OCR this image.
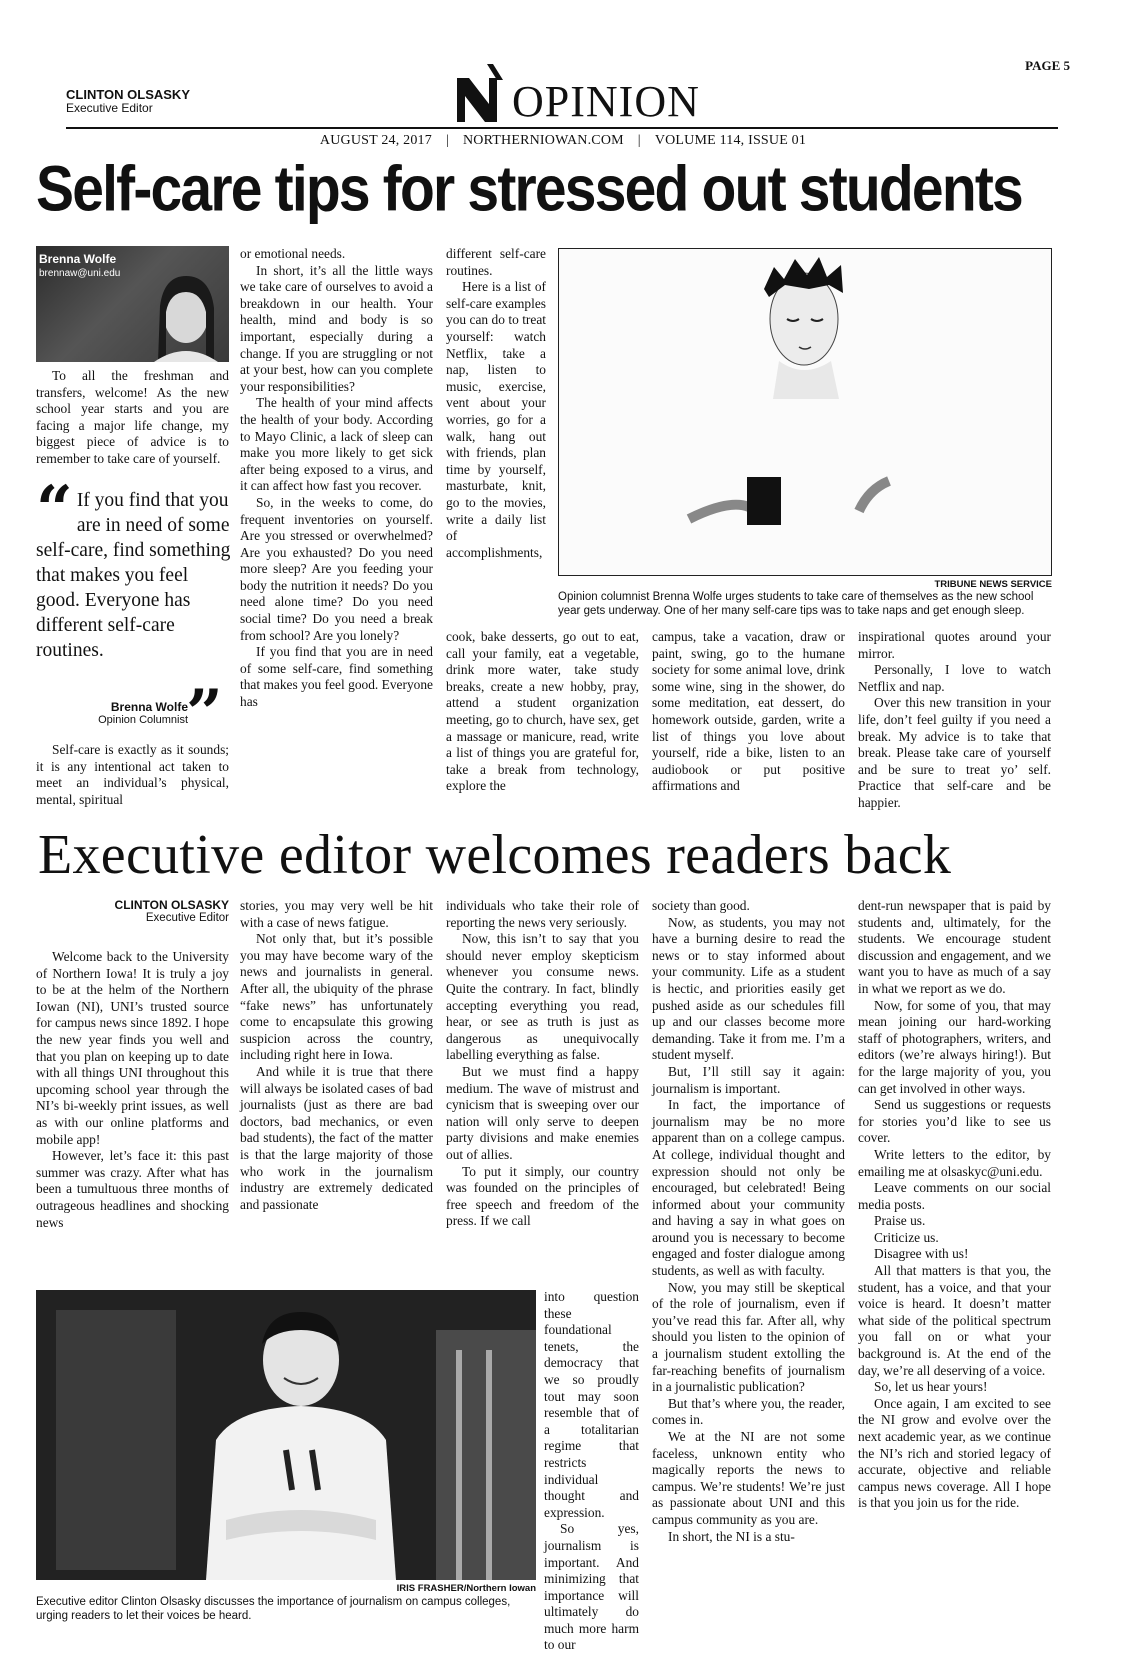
PAGE 5
CLINTON OLSASKY
Executive Editor	OPINION
AUGUST 24, 2017 | NORTHERNIOWAN.COM | VOLUME 114, ISSUE 01
Self-care tips for stressed out students
Brenna Wolfe
brennaw@uni.edu

To all the freshman and transfers, welcome! As the new school year starts and you are facing a major life change, my biggest piece of advice is to remember to take care of yourself.

“ If you find that you are in need of some self-care, find something that makes you feel good. Everyone has different self-care routines.
Brenna Wolfe
Opinion Columnist
”

Self-care is exactly as it sounds; it is any intentional act taken to meet an individual’s physical, mental, spiritual

or emotional needs.

In short, it’s all the little ways we take care of ourselves to avoid a breakdown in our health. Your health, mind and body is so important, especially during a change. If you are struggling or not at your best, how can you complete your responsibilities?

The health of your mind affects the health of your body. According to Mayo Clinic, a lack of sleep can make you more likely to get sick after being exposed to a virus, and it can affect how fast you recover.

So, in the weeks to come, do frequent inventories on yourself. Are you stressed or overwhelmed? Are you exhausted? Do you need more sleep? Are you feeding your body the nutrition it needs? Do you need alone time? Do you need social time? Do you need a break from school? Are you lonely?

If you find that you are in need of some self-care, find something that makes you feel good. Everyone has

different self-care routines.

Here is a list of self-care examples you can do to treat yourself: watch Netflix, take a nap, listen to music, exercise, vent about your worries, go for a walk, hang out with friends, plan time by yourself, masturbate, knit, go to the movies, write a daily list of accomplishments,

TRIBUNE NEWS SERVICE
Opinion columnist Brenna Wolfe urges students to take care of themselves as the new school year gets underway. One of her many self-care tips was to take naps and get enough sleep.

cook, bake desserts, go out to eat, call your family, eat a vegetable, drink more water, take study breaks, create a new hobby, pray, attend a student organization meeting, go to church, have sex, get a massage or manicure, read, write a list of things you are grateful for, take a break from technology, explore the

campus, take a vacation, draw or paint, swing, go to the humane society for some animal love, drink some wine, sing in the shower, do some meditation, eat dessert, do homework outside, garden, write a list of things you love about yourself, ride a bike, listen to an audiobook or put positive affirmations and

inspirational quotes around your mirror.

Personally, I love to watch Netflix and nap.

Over this new transition in your life, don’t feel guilty if you need a break. My advice is to take that break. Please take care of yourself and be sure to treat yo’ self. Practice that self-care and be happier.

Executive editor welcomes readers back
CLINTON OLSASKY
Executive Editor

Welcome back to the University of Northern Iowa! It is truly a joy to be at the helm of the Northern Iowan (NI), UNI’s trusted source for campus news since 1892. I hope the new year finds you well and that you plan on keeping up to date with all things UNI throughout this upcoming school year through the NI’s bi-weekly print issues, as well as with our online platforms and mobile app!

However, let’s face it: this past summer was crazy. After what has been a tumultuous three months of outrageous headlines and shocking news

stories, you may very well be hit with a case of news fatigue.

Not only that, but it’s possible you may have become wary of the news and journalists in general. After all, the ubiquity of the phrase “fake news” has unfortunately come to encapsulate this growing suspicion across the country, including right here in Iowa.

And while it is true that there will always be isolated cases of bad journalists (just as there are bad doctors, bad mechanics, or even bad students), the fact of the matter is that the large majority of those who work in the journalism industry are extremely dedicated and passionate

individuals who take their role of reporting the news very seriously.

Now, this isn’t to say that you should never employ skepticism whenever you consume news. Quite the contrary. In fact, blindly accepting everything you read, hear, or see as truth is just as dangerous as unequivocally labelling everything as false.

But we must find a happy medium. The wave of mistrust and cynicism that is sweeping over our nation will only serve to deepen party divisions and make enemies out of allies.

To put it simply, our country was founded on the principles of free speech and freedom of the press. If we call

IRIS FRASHER/Northern Iowan
Executive editor Clinton Olsasky discusses the importance of journalism on campus colleges, urging readers to let their voices be heard.

into question these foundational tenets, the democracy that we so proudly tout may soon resemble that of a totalitarian regime that restricts individual thought and expression.

So yes, journalism is important. And minimizing that importance will ultimately do much more harm to our

society than good.

Now, as students, you may not have a burning desire to read the news or to stay informed about your community. Life as a student is hectic, and priorities easily get pushed aside as our schedules fill up and our classes become more demanding. Take it from me. I’m a student myself.

But, I’ll still say it again: journalism is important.

In fact, the importance of journalism may be no more apparent than on a college campus. At college, individual thought and expression should not only be encouraged, but celebrated! Being informed about your community and having a say in what goes on around you is necessary to become engaged and foster dialogue among students, as well as with faculty.

Now, you may still be skeptical of the role of journalism, even if you’ve read this far. After all, why should you listen to the opinion of a journalism student extolling the far-reaching benefits of journalism in a journalistic publication?

But that’s where you, the reader, comes in.

We at the NI are not some faceless, unknown entity who magically reports the news to campus. We’re students! We’re just as passionate about UNI and this campus community as you are.

In short, the NI is a stu-

dent-run newspaper that is paid by students and, ultimately, for the students. We encourage student discussion and engagement, and we want you to have as much of a say in what we report as we do.

Now, for some of you, that may mean joining our hard-working staff of photographers, writers, and editors (we’re always hiring!). But for the large majority of you, you can get involved in other ways.

Send us suggestions or requests for stories you’d like to see us cover.

Write letters to the editor, by emailing me at olsaskyc@uni.edu.

Leave comments on our social media posts.

Praise us.

Criticize us.

Disagree with us!

All that matters is that you, the student, has a voice, and that your voice is heard. It doesn’t matter what side of the political spectrum you fall on or what your background is. At the end of the day, we’re all deserving of a voice.

So, let us hear yours!

Once again, I am excited to see the NI grow and evolve over the next academic year, as we continue the NI’s rich and storied legacy of accurate, objective and reliable campus news coverage. All I hope is that you join us for the ride.
